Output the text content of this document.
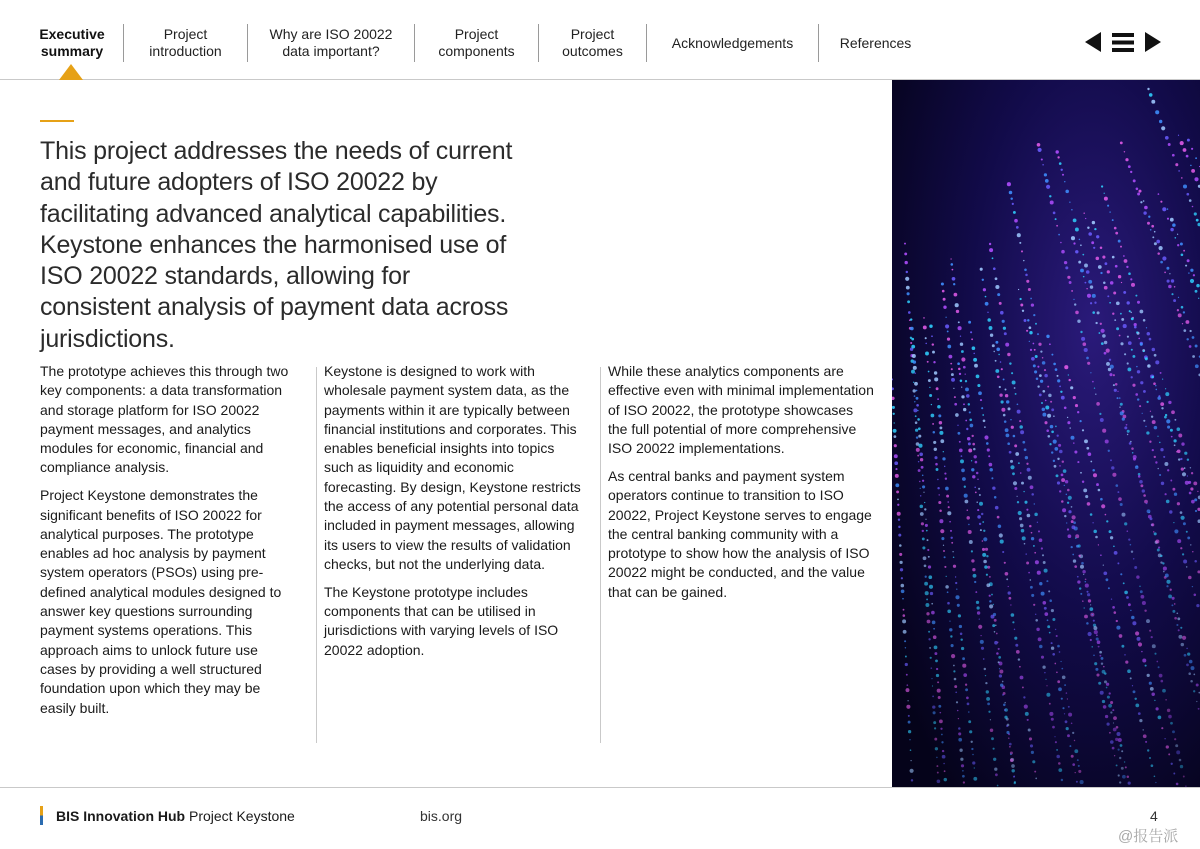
Executive
summary
Project
introduction
Why are ISO 20022
data important?
Project
components
Project
outcomes
Acknowledgements	References
This project addresses the needs of current and future adopters of ISO 20022 by facilitating advanced analytical capabilities. Keystone enhances the harmonised use of ISO 20022 standards, allowing for consistent analysis of payment data across jurisdictions.

The prototype achieves this through two key components: a data transformation and storage platform for ISO 20022 payment messages, and analytics modules for economic, financial and compliance analysis.

Project Keystone demonstrates the significant benefits of ISO 20022 for analytical purposes. The prototype enables ad hoc analysis by payment system operators (PSOs) using pre-defined analytical modules designed to answer key questions surrounding payment systems operations. This approach aims to unlock future use cases by providing a well structured foundation upon which they may be easily built.

Keystone is designed to work with wholesale payment system data, as the payments within it are typically between financial institutions and corporates. This enables beneficial insights into topics such as liquidity and economic forecasting. By design, Keystone restricts the access of any potential personal data included in payment messages, allowing its users to view the results of validation checks, but not the underlying data.

The Keystone prototype includes components that can be utilised in jurisdictions with varying levels of ISO 20022 adoption.

While these analytics components are effective even with minimal implementation of ISO 20022, the prototype showcases the full potential of more comprehensive ISO 20022 implementations.

As central banks and payment system operators continue to transition to ISO 20022, Project Keystone serves to engage the central banking community with a prototype to show how the analysis of ISO 20022 might be conducted, and the value that can be gained.

BIS Innovation Hub Project Keystone	bis.org	4
@报告派
